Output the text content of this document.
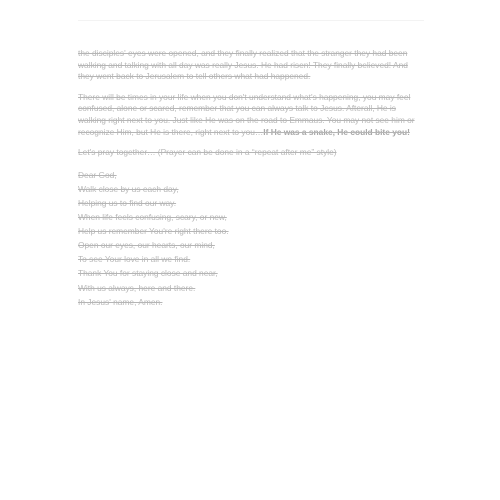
the disciples' eyes were opened, and they finally realized that the stranger they had been walking and talking with all day was really Jesus. He had risen! They finally believed! And they went back to Jerusalem to tell others what had happened.

There will be times in your life when you don't understand what's happening, you may feel confused, alone or scared, remember that you can always talk to Jesus. Afterall, He is walking right next to you. Just like He was on the road to Emmaus. You may not see him or recognize Him, but He is there, right next to you…If He was a snake, He could bite you!

Let's pray together… (Prayer can be done in a “repeat after me” style)

Dear God,
Walk close by us each day,
Helping us to find our way.
When life feels confusing, scary, or new,
Help us remember You're right there too.
Open our eyes, our hearts, our mind,
To see Your love in all we find.
Thank You for staying close and near,
With us always, here and there.
In Jesus' name, Amen.
